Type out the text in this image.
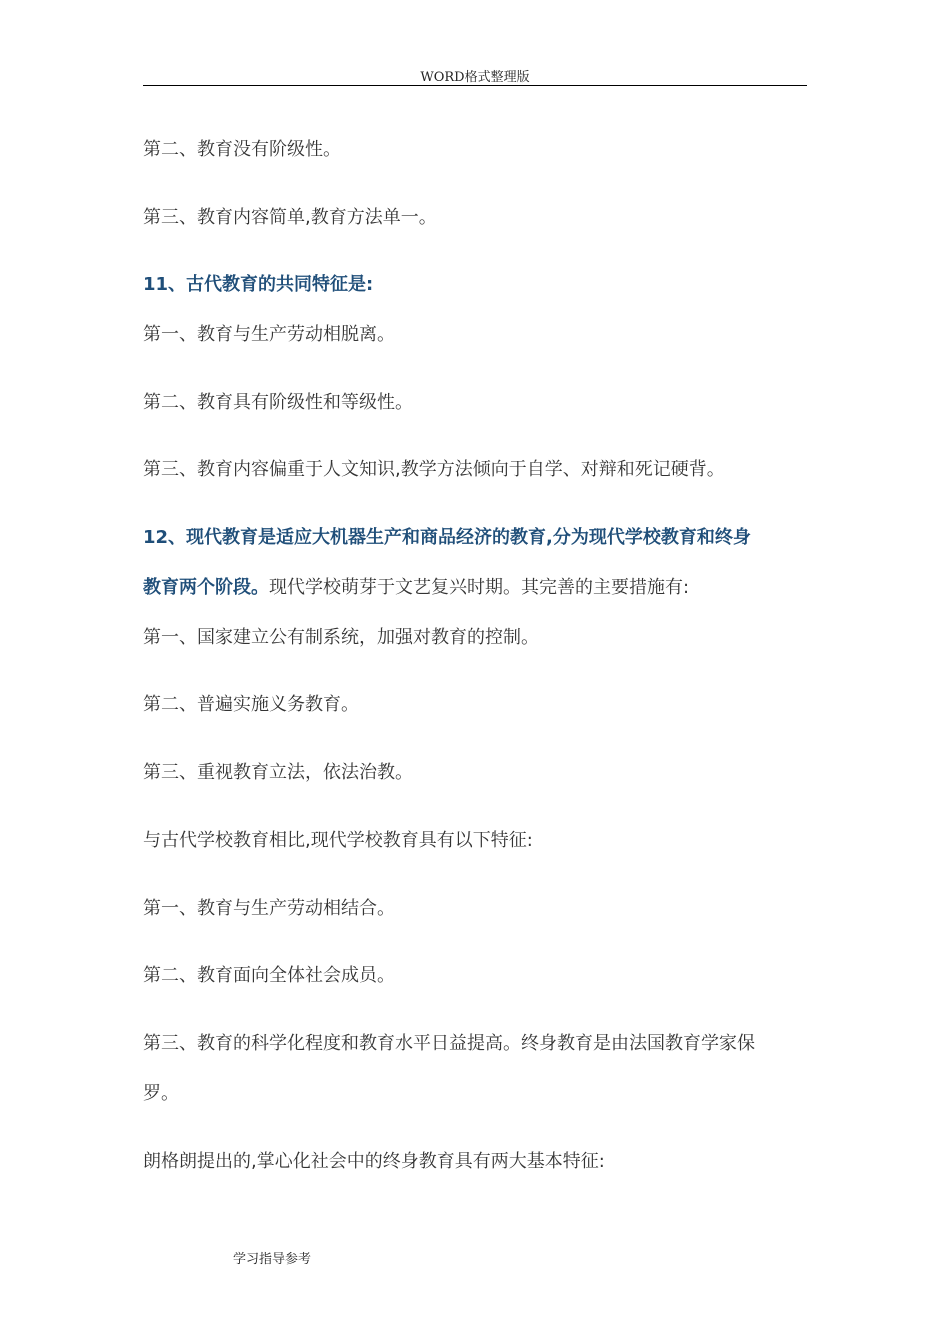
WORD格式整理版
第二、教育没有阶级性。
第三、教育内容简单,教育方法单一。
11、古代教育的共同特征是:
第一、教育与生产劳动相脱离。
第二、教育具有阶级性和等级性。
第三、教育内容偏重于人文知识,教学方法倾向于自学、对辩和死记硬背。
12、现代教育是适应大机器生产和商品经济的教育,分为现代学校教育和终身
教育两个阶段。现代学校萌芽于文艺复兴时期。其完善的主要措施有:
第一、国家建立公有制系统，加强对教育的控制。
第二、普遍实施义务教育。
第三、重视教育立法，依法治教。
与古代学校教育相比,现代学校教育具有以下特征:
第一、教育与生产劳动相结合。
第二、教育面向全体社会成员。
第三、教育的科学化程度和教育水平日益提高。终身教育是由法国教育学家保
罗。
朗格朗提出的,掌心化社会中的终身教育具有两大基本特征:
学习指导参考
